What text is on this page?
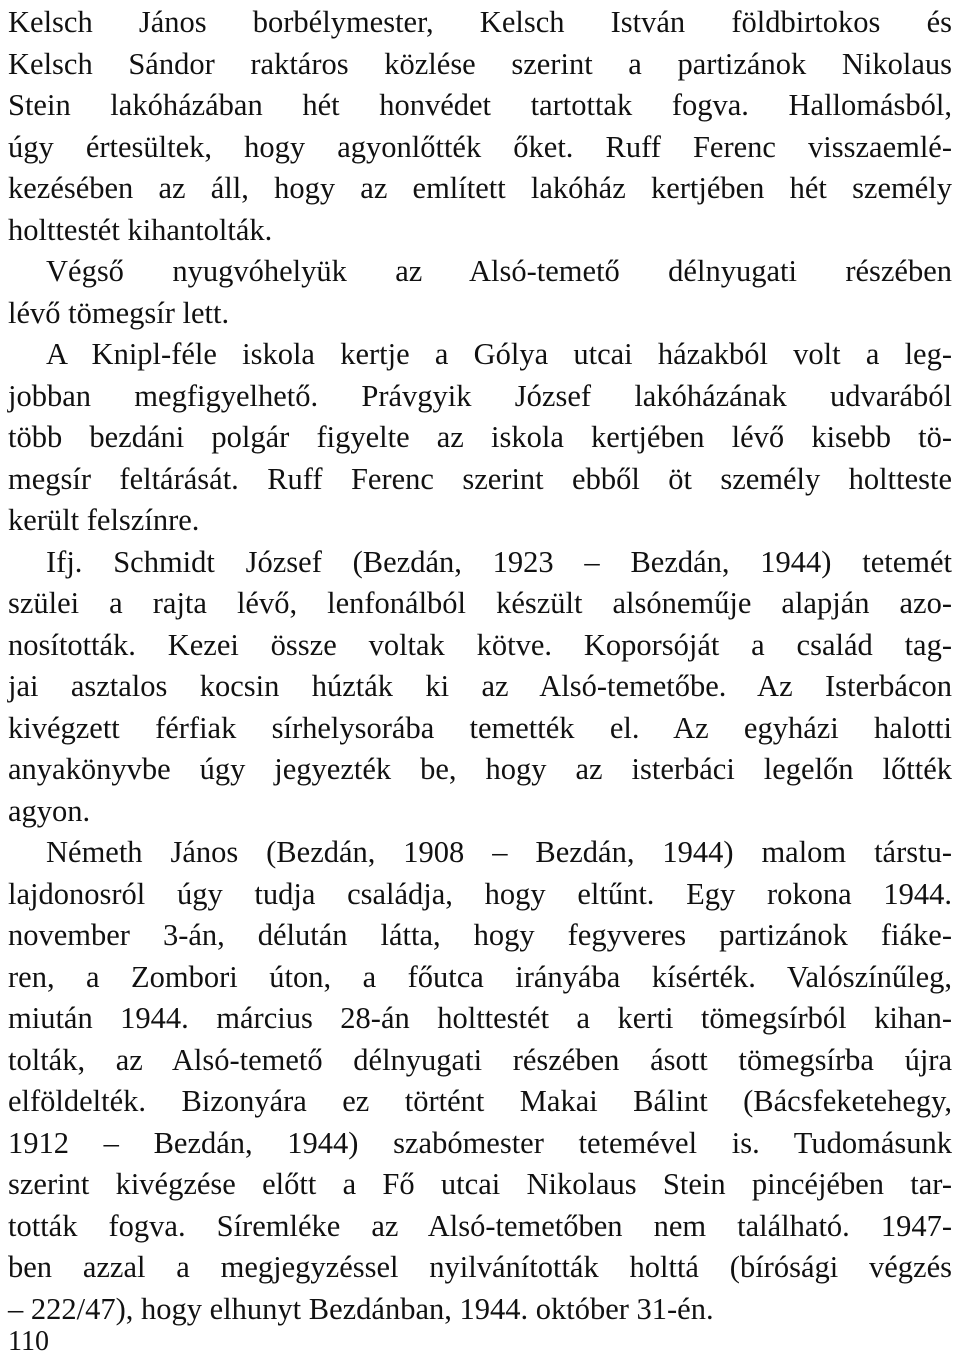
Kelsch János borbélymester, Kelsch István földbirtokos és
Kelsch Sándor raktáros közlése szerint a partizánok Nikolaus
Stein lakóházában hét honvédet tartottak fogva. Hallomásból,
úgy értesültek, hogy agyonlőtték őket. Ruff Ferenc visszaemlé-
kezésében az áll, hogy az említett lakóház kertjében hét személy
holttestét kihantolták.
Végső nyugvóhelyük az Alsó-temető délnyugati részében
lévő tömegsír lett.
A Knipl-féle iskola kertje a Gólya utcai házakból volt a leg-
jobban megfigyelhető. Právgyik József lakóházának udvarából
több bezdáni polgár figyelte az iskola kertjében lévő kisebb tö-
megsír feltárását. Ruff Ferenc szerint ebből öt személy holtteste
került felszínre.
Ifj. Schmidt József (Bezdán, 1923 – Bezdán, 1944) tetemét
szülei a rajta lévő, lenfonálból készült alsóneműje alapján azo-
nosították. Kezei össze voltak kötve. Koporsóját a család tag-
jai asztalos kocsin húzták ki az Alsó-temetőbe. Az Isterbácon
kivégzett férfiak sírhelysorába temették el. Az egyházi halotti
anyakönyvbe úgy jegyezték be, hogy az isterbáci legelőn lőtték
agyon.
Németh János (Bezdán, 1908 – Bezdán, 1944) malom társtu-
lajdonosról úgy tudja családja, hogy eltűnt. Egy rokona 1944.
november 3-án, délután látta, hogy fegyveres partizánok fiáke-
ren, a Zombori úton, a főutca irányába kísérték. Valószínűleg,
miután 1944. március 28-án holttestét a kerti tömegsírból kihan-
tolták, az Alsó-temető délnyugati részében ásott tömegsírba újra
elföldelték. Bizonyára ez történt Makai Bálint (Bácsfeketehegy,
1912 – Bezdán, 1944) szabómester tetemével is. Tudomásunk
szerint kivégzése előtt a Fő utcai Nikolaus Stein pincéjében tar-
tották fogva. Síremléke az Alsó-temetőben nem található. 1947-
ben azzal a megjegyzéssel nyilvánították holttá (bírósági végzés
– 222/47), hogy elhunyt Bezdánban, 1944. október 31-én.
110
